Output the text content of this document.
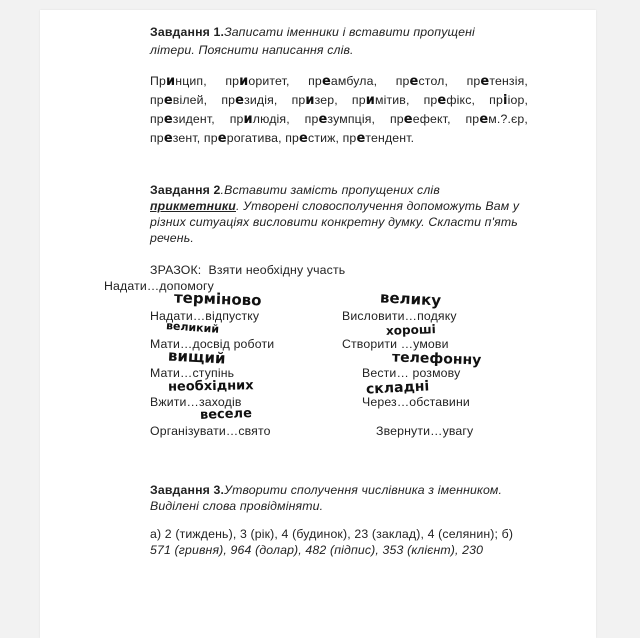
Завдання 1.Записати іменники і вставити пропущені
літери. Пояснити написання слів.
Принцип, приоритет, преамбула, престол, претензія, превілей, президія, призер, примітив, префікс, прііор, президент, прилюдія, презумпція, преефект, прем.?.єр, презент, прерогатива, престиж, претендент.
Завдання 2.Вставити замість пропущених слів
прикметники. Утворені словосполучення допоможуть Вам у
різних ситуаціях висловити конкретну думку. Скласти п'ять
речень.
ЗРАЗОК: Взяти необхідну участь
Надати…допомогу
Надати…відпустку
Мати…досвід роботи
Мати…ступінь
Вжити…заходів
Організувати…свято
Висловити…подяку
Створити …умови
Вести… розмову
Через…обставини
Звернути…увагу
терміново
великий
вищий
необхідних
веселе
велику
хороші
телефонну
складні
Завдання 3.Утворити сполучення числівника з іменником.
Виділені слова провідміняти.
а) 2 (тиждень), 3 (рік), 4 (будинок), 23 (заклад), 4 (селянин); б)
571 (гривня), 964 (долар), 482 (підпис), 353 (клієнт), 230
